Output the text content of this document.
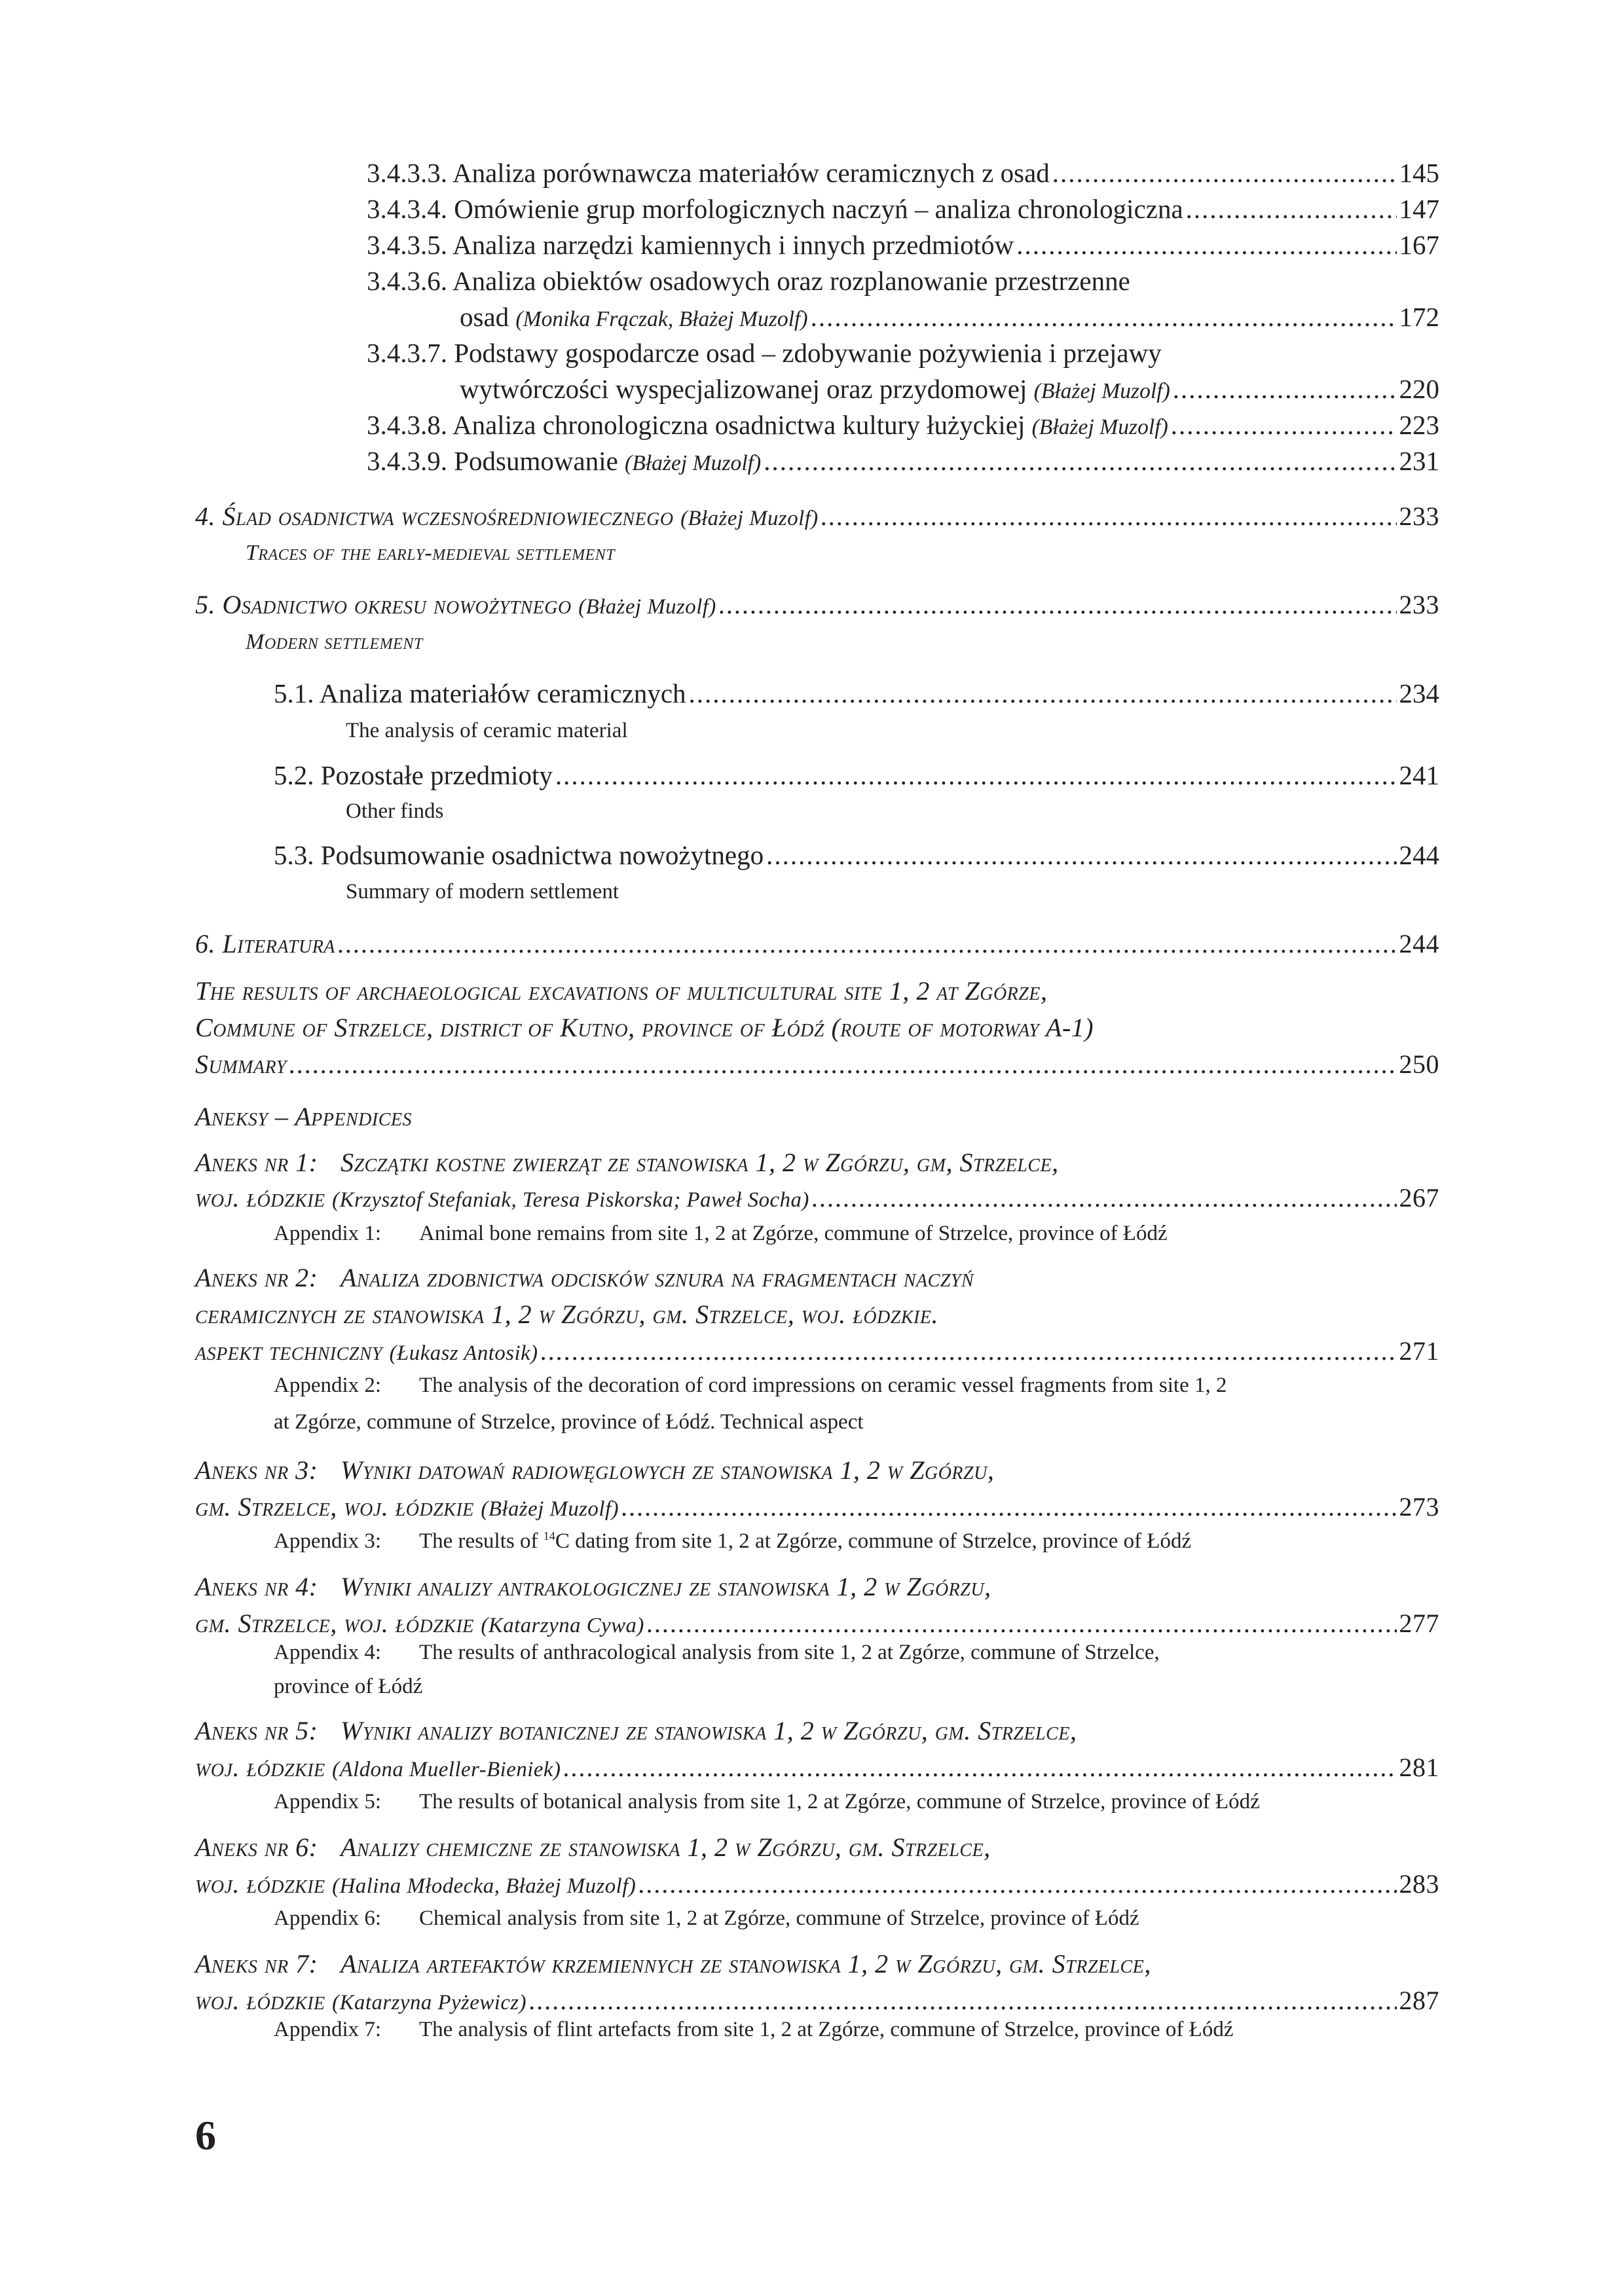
3.4.3.3. Analiza porównawcza materiałów ceramicznych z osad .....	145
3.4.3.4. Omówienie grup morfologicznych naczyń – analiza chronologiczna .....	147
3.4.3.5. Analiza narzędzi kamiennych i innych przedmiotów .....	167
3.4.3.6. Analiza obiektów osadowych oraz rozplanowanie przestrzenne
osad (Monika Frączak, Błażej Muzolf) .....	172
3.4.3.7. Podstawy gospodarcze osad – zdobywanie pożywienia i przejawy
wytwórczości wyspecjalizowanej oraz przydomowej (Błażej Muzolf) .....	220
3.4.3.8. Analiza chronologiczna osadnictwa kultury łużyckiej (Błażej Muzolf) .....	223
3.4.3.9. Podsumowanie (Błażej Muzolf) .....	231
4. Ślad osadnictwa wczesnośredniowiecznego (Błażej Muzolf) .....	233
Traces of the early-medieval settlement
5. Osadnictwo okresu nowożytnego (Błażej Muzolf) .....	233
Modern settlement
5.1. Analiza materiałów ceramicznych .....	234
The analysis of ceramic material
5.2. Pozostałe przedmioty .....	241
Other finds
5.3. Podsumowanie osadnictwa nowożytnego .....	244
Summary of modern settlement
6. Literatura .....	244
The results of archaeological excavations of multicultural site 1, 2 at Zgórze,
Commune of Strzelce, district of Kutno, province of Łódź (route of motorway A-1)
Summary .....	250
Aneksy – Appendices
Aneks nr 1: Szczątki kostne zwierząt ze stanowiska 1, 2 w Zgórzu, gm, Strzelce,
woj. łódzkie (Krzysztof Stefaniak, Teresa Piskorska; Paweł Socha) .....	267
Appendix 1: Animal bone remains from site 1, 2 at Zgórze, commune of Strzelce, province of Łódź
Aneks nr 2: Analiza zdobnictwa odcisków sznura na fragmentach naczyń
ceramicznych ze stanowiska 1, 2 w Zgórzu, gm. Strzelce, woj. łódzkie.
aspekt techniczny (Łukasz Antosik) .....	271
Appendix 2: The analysis of the decoration of cord impressions on ceramic vessel fragments from site 1, 2
at Zgórze, commune of Strzelce, province of Łódź. Technical aspect
Aneks nr 3: Wyniki datowań radiowęglowych ze stanowiska 1, 2 w Zgórzu,
gm. Strzelce, woj. łódzkie (Błażej Muzolf) .....	273
Appendix 3: The results of $^{14}$C dating from site 1, 2 at Zgórze, commune of Strzelce, province of Łódź
Aneks nr 4: Wyniki analizy antrakologicznej ze stanowiska 1, 2 w Zgórzu,
gm. Strzelce, woj. łódzkie (Katarzyna Cywa) .....	277
Appendix 4: The results of anthracological analysis from site 1, 2 at Zgórze, commune of Strzelce,
province of Łódź
Aneks nr 5: Wyniki analizy botanicznej ze stanowiska 1, 2 w Zgórzu, gm. Strzelce,
woj. łódzkie (Aldona Mueller-Bieniek) .....	281
Appendix 5: The results of botanical analysis from site 1, 2 at Zgórze, commune of Strzelce, province of Łódź
Aneks nr 6: Analizy chemiczne ze stanowiska 1, 2 w Zgórzu, gm. Strzelce,
woj. łódzkie (Halina Młodecka, Błażej Muzolf) .....	283
Appendix 6: Chemical analysis from site 1, 2 at Zgórze, commune of Strzelce, province of Łódź
Aneks nr 7: Analiza artefaktów krzemiennych ze stanowiska 1, 2 w Zgórzu, gm. Strzelce,
woj. łódzkie (Katarzyna Pyżewicz) .....	287
Appendix 7: The analysis of flint artefacts from site 1, 2 at Zgórze, commune of Strzelce, province of Łódź
6
